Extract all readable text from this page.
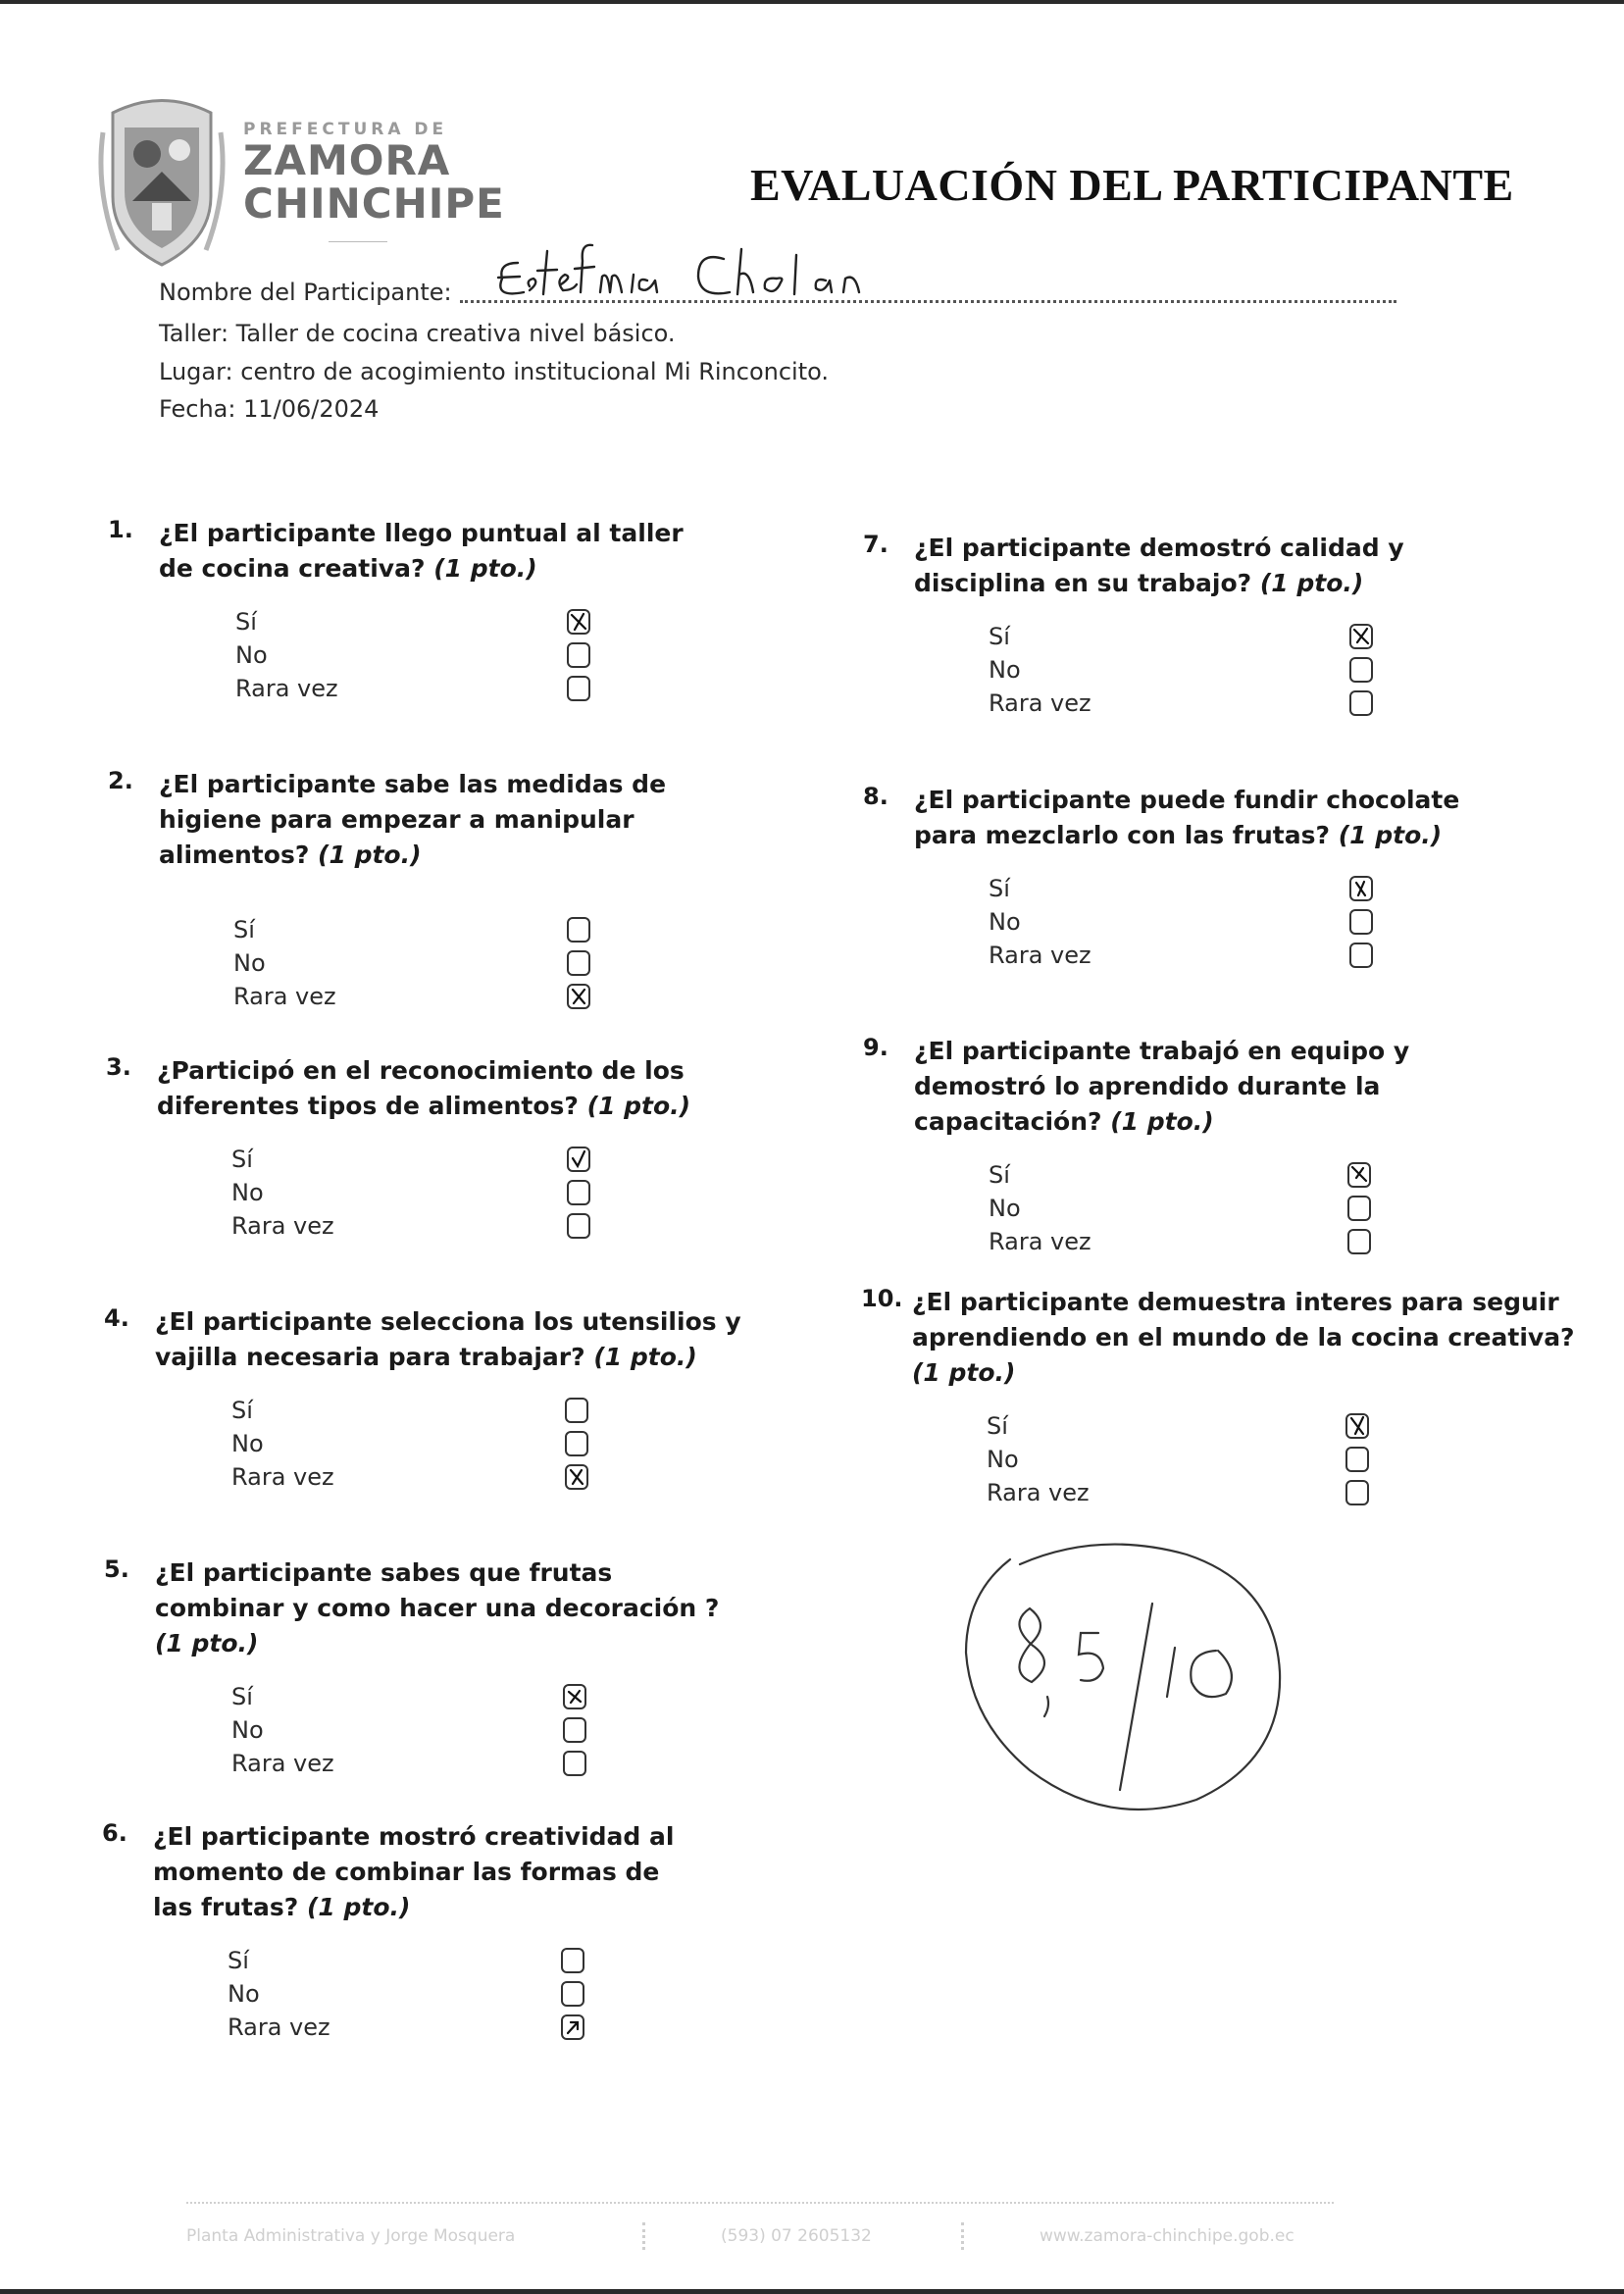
PREFECTURA DE
ZAMORA
CHINCHIPE	EVALUACIÓN DEL PARTICIPANTE
Nombre del Participante:
Taller: Taller de cocina creativa nivel básico.
Lugar: centro de acogimiento institucional Mi Rinconcito.
Fecha: 11/06/2024
1. ¿El participante llego puntual al taller de cocina creativa? (1 pto.)
Sí
No
Rara vez
2. ¿El participante sabe las medidas de higiene para empezar a manipular alimentos? (1 pto.)
Sí
No
Rara vez
3. ¿Participó en el reconocimiento de los diferentes tipos de alimentos? (1 pto.)
Sí
No
Rara vez
4. ¿El participante selecciona los utensilios y vajilla necesaria para trabajar? (1 pto.)
Sí
No
Rara vez
5. ¿El participante sabes que frutas combinar y como hacer una decoración ? (1 pto.)
Sí
No
Rara vez
6. ¿El participante mostró creatividad al momento de combinar las formas de las frutas? (1 pto.)
Sí
No
Rara vez
7. ¿El participante demostró calidad y disciplina en su trabajo? (1 pto.)
Sí
No
Rara vez
8. ¿El participante puede fundir chocolate para mezclarlo con las frutas? (1 pto.)
Sí
No
Rara vez
9. ¿El participante trabajó en equipo y demostró lo aprendido durante la capacitación? (1 pto.)
Sí
No
Rara vez
10. ¿El participante demuestra interes para seguir aprendiendo en el mundo de la cocina creativa? (1 pto.)
Sí
No
Rara vez
Planta Administrativa y Jorge Mosquera	(593) 07 2605132	www.zamora-chinchipe.gob.ec
